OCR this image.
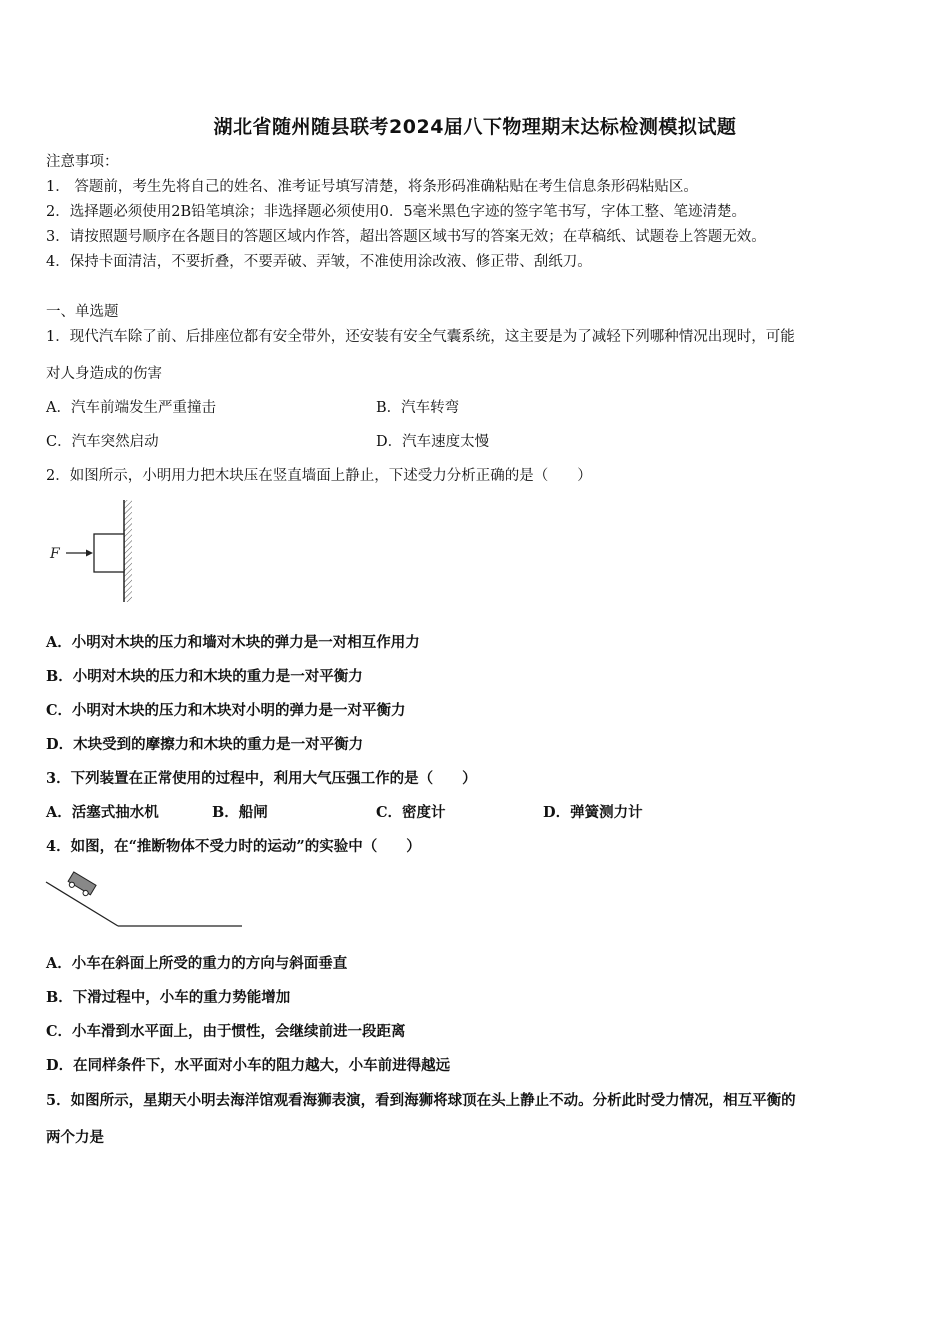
湖北省随州随县联考2024届八下物理期末达标检测模拟试题
注意事项：
1． 答题前，考生先将自己的姓名、准考证号填写清楚，将条形码准确粘贴在考生信息条形码粘贴区。
2．选择题必须使用2B铅笔填涂；非选择题必须使用0．5毫米黑色字迹的签字笔书写，字体工整、笔迹清楚。
3．请按照题号顺序在各题目的答题区域内作答，超出答题区域书写的答案无效；在草稿纸、试题卷上答题无效。
4．保持卡面清洁，不要折叠，不要弄破、弄皱，不准使用涂改液、修正带、刮纸刀。
一、单选题
1．现代汽车除了前、后排座位都有安全带外，还安装有安全气囊系统，这主要是为了减轻下列哪种情况出现时，可能
对人身造成的伤害
A．汽车前端发生严重撞击	B．汽车转弯
C．汽车突然启动	D．汽车速度太慢
2．如图所示，小明用力把木块压在竖直墙面上静止，下述受力分析正确的是（　　）
F
A．小明对木块的压力和墙对木块的弹力是一对相互作用力
B．小明对木块的压力和木块的重力是一对平衡力
C．小明对木块的压力和木块对小明的弹力是一对平衡力
D．木块受到的摩擦力和木块的重力是一对平衡力
3．下列装置在正常使用的过程中，利用大气压强工作的是（　　）
A．活塞式抽水机	B．船闸	C．密度计	D．弹簧测力计
4．如图，在“推断物体不受力时的运动”的实验中（　　）
A．小车在斜面上所受的重力的方向与斜面垂直
B．下滑过程中，小车的重力势能增加
C．小车滑到水平面上，由于惯性，会继续前进一段距离
D．在同样条件下，水平面对小车的阻力越大，小车前进得越远
5．如图所示，星期天小明去海洋馆观看海狮表演，看到海狮将球顶在头上静止不动。分析此时受力情况，相互平衡的
两个力是
